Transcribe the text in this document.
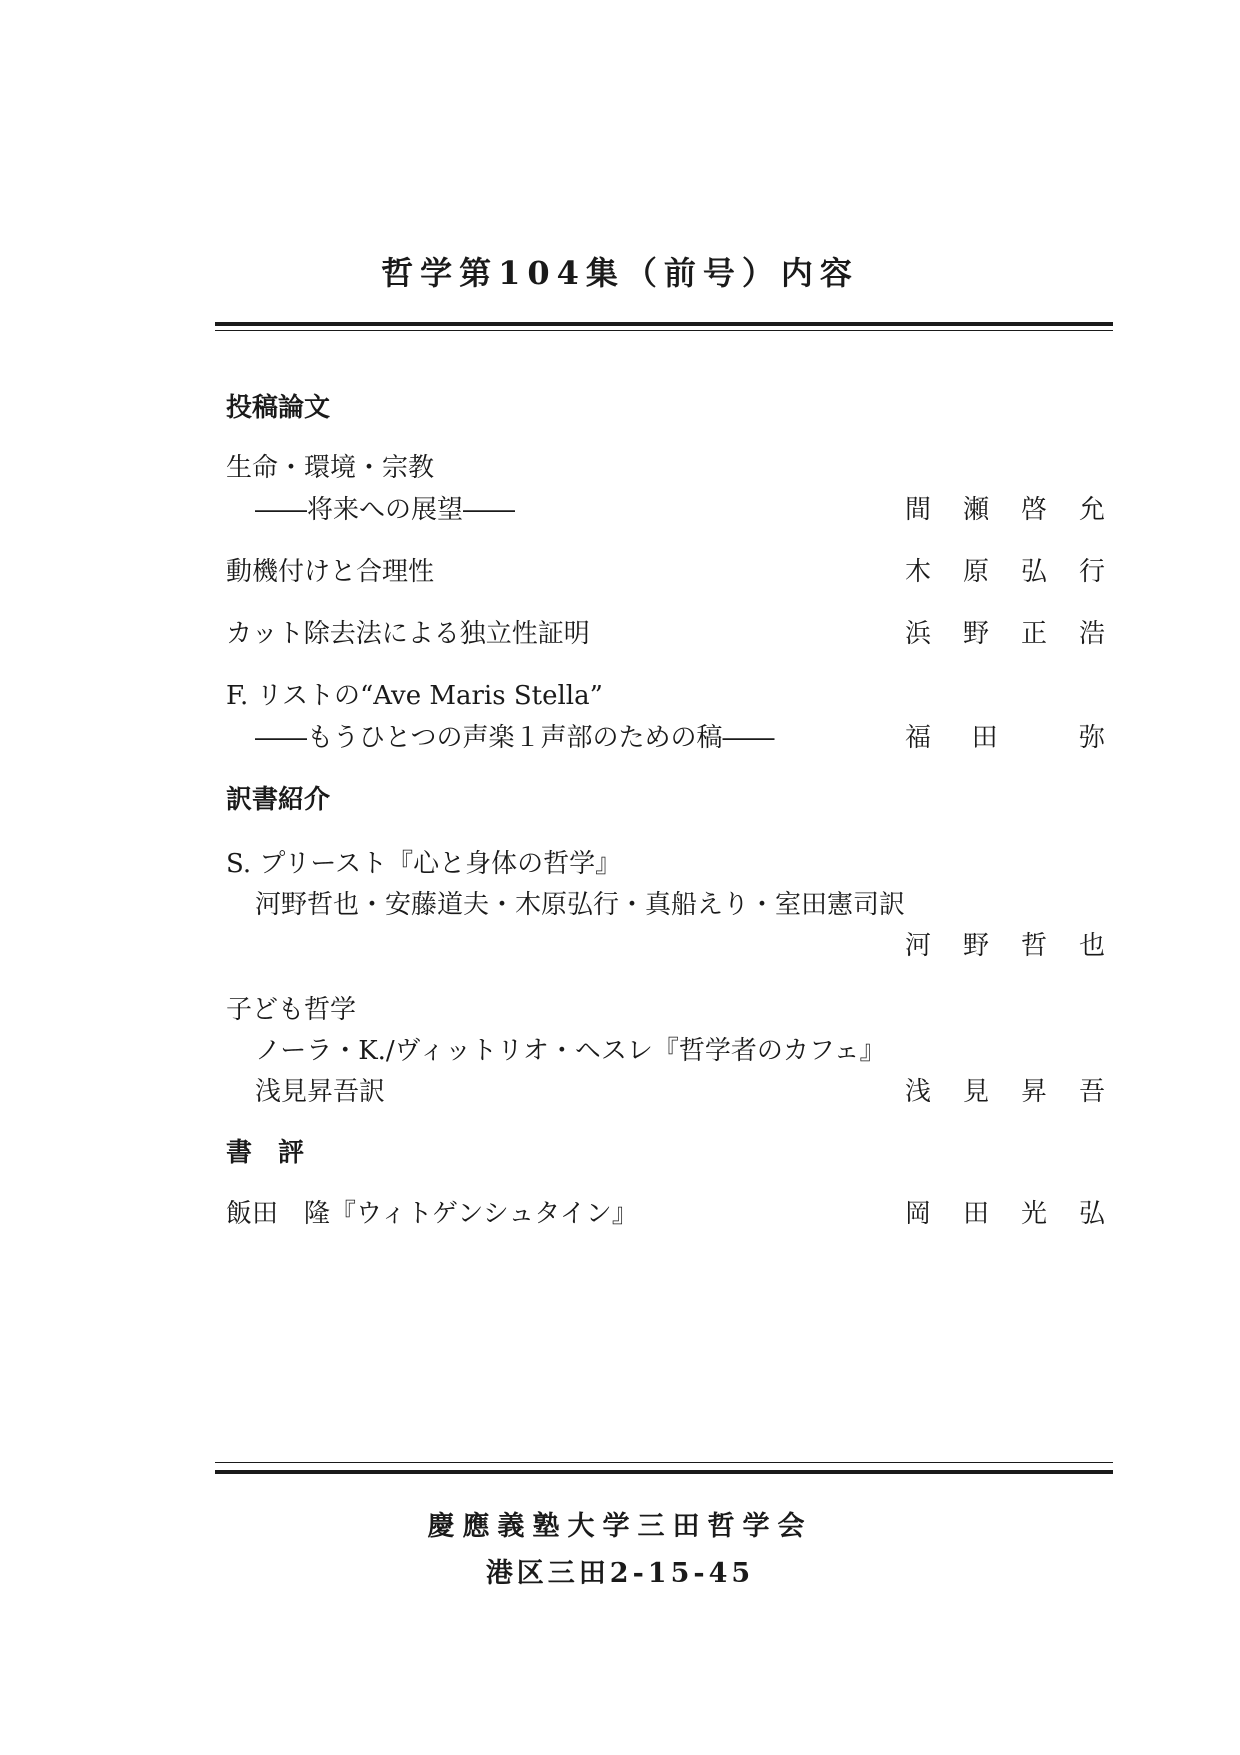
哲学第104集（前号）内容
投稿論文
生命・環境・宗教
――将来への展望――	間 瀬 啓 允
動機付けと合理性	木 原 弘 行
カット除去法による独立性証明	浜 野 正 浩
F. リストの“Ave Maris Stella”
――もうひとつの声楽１声部のための稿――	福 田	弥
訳書紹介
S. プリースト『心と身体の哲学』
河野哲也・安藤道夫・木原弘行・真船えり・室田憲司訳
河 野 哲 也
子ども哲学
ノーラ・K./ヴィットリオ・ヘスレ『哲学者のカフェ』
浅見昇吾訳	浅 見 昇 吾
書　評
飯田　隆『ウィトゲンシュタイン』	岡 田 光 弘
慶應義塾大学三田哲学会
港区三田2-15-45
